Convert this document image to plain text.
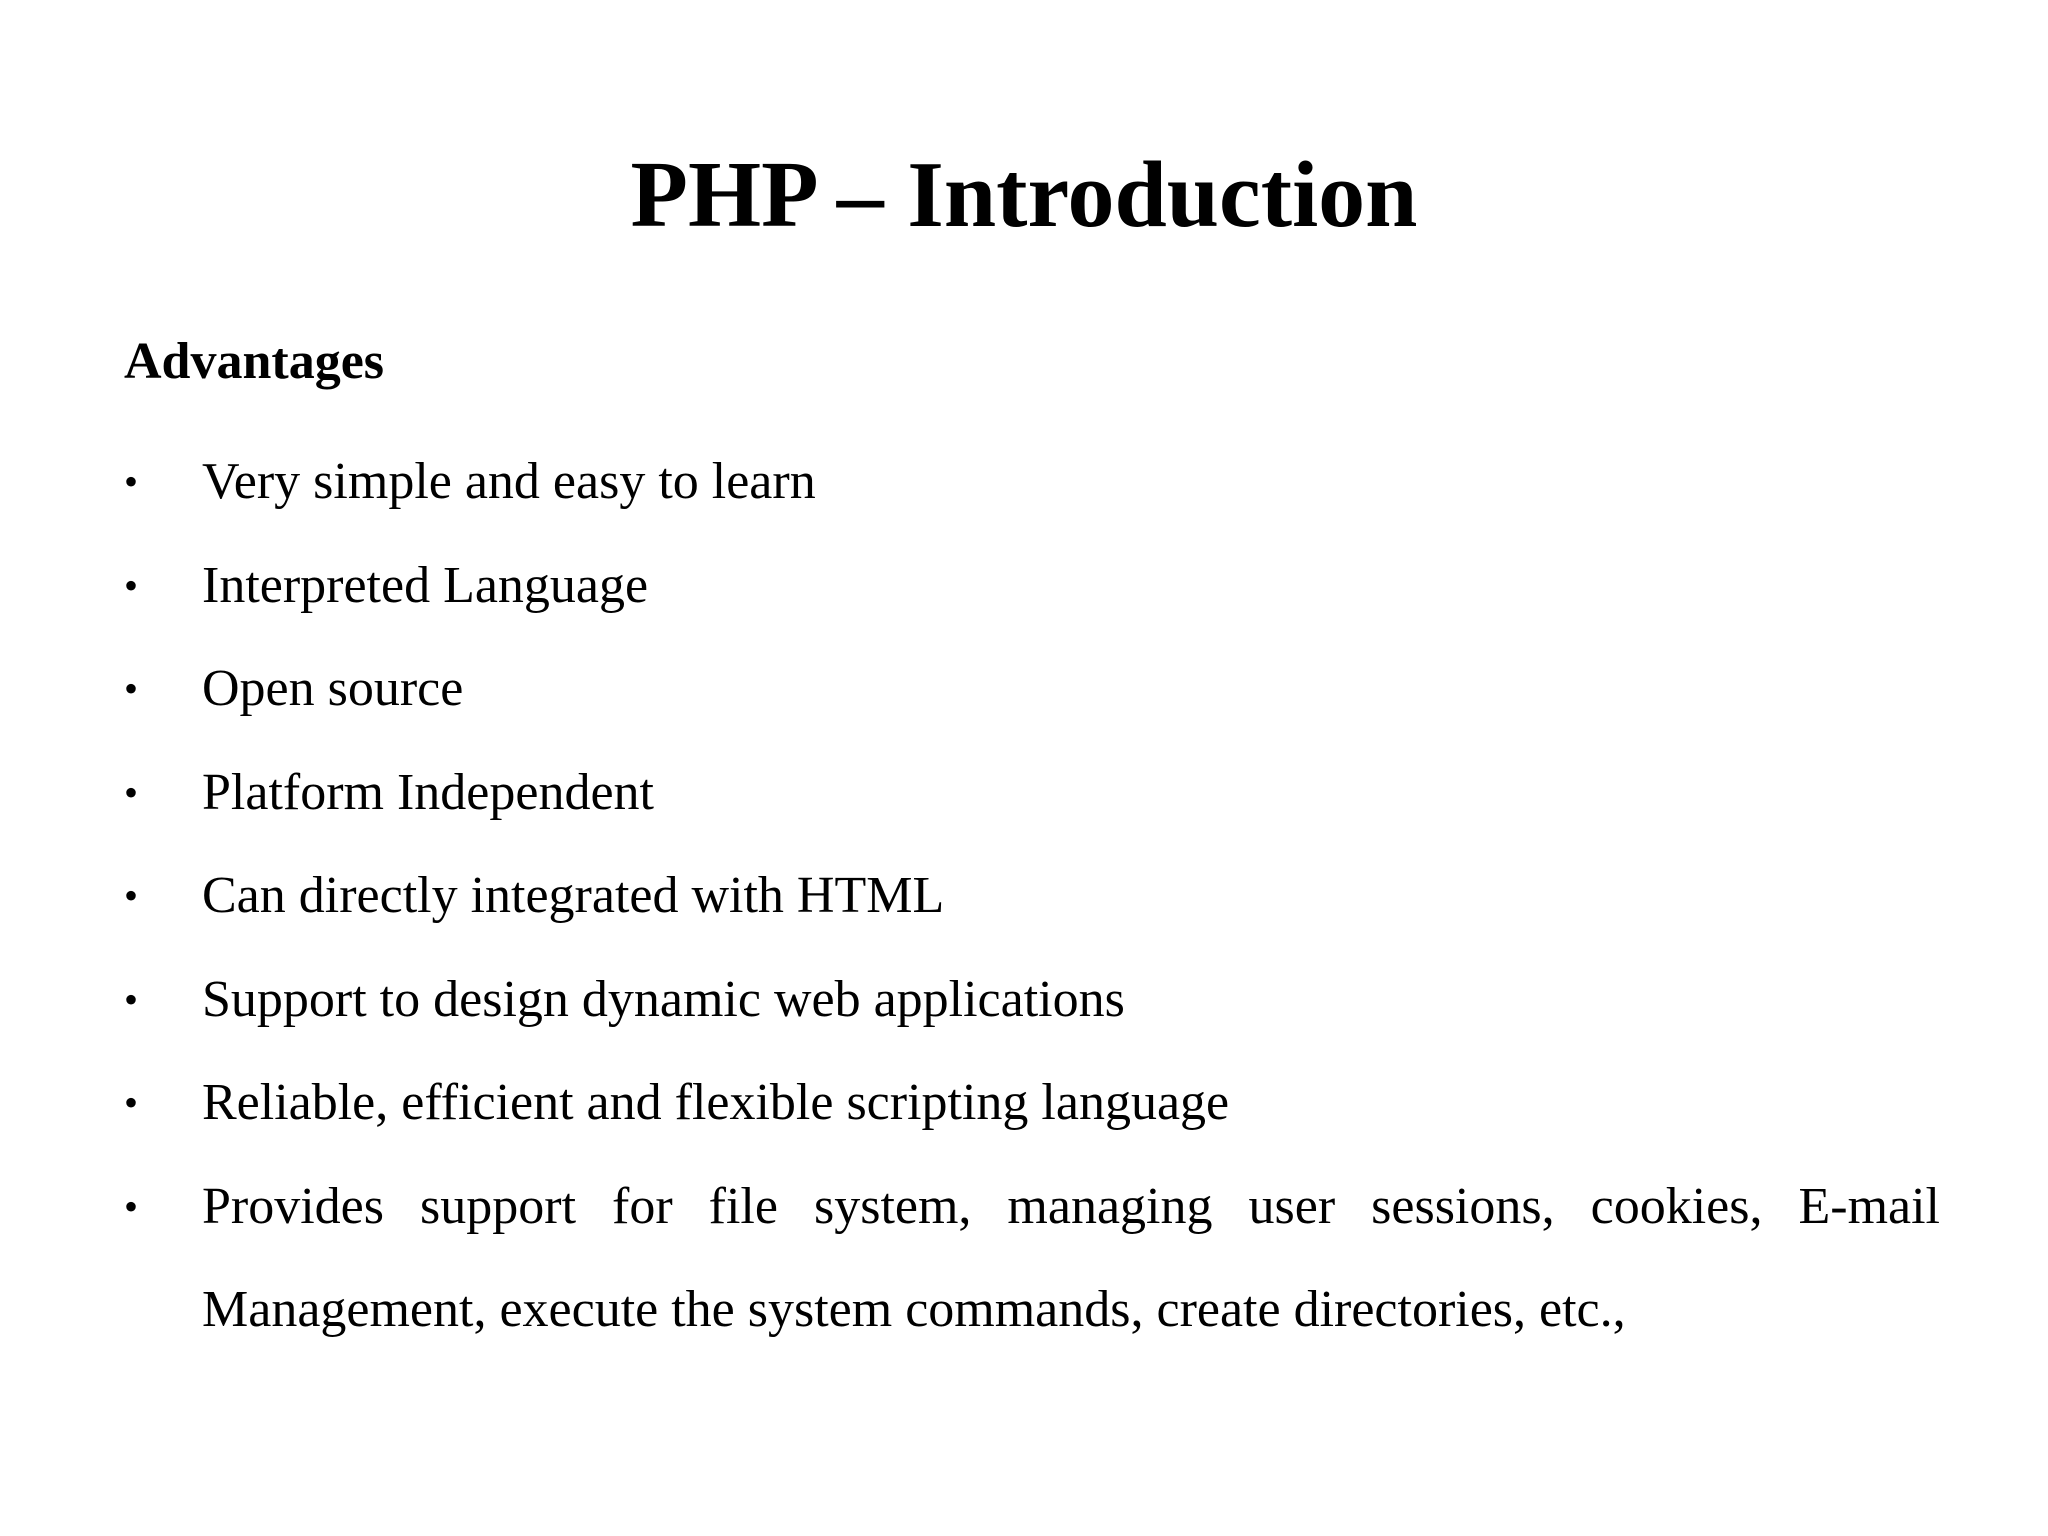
PHP – Introduction
Advantages
•	Very simple and easy to learn
•	Interpreted Language
•	Open source
•	Platform Independent
•	Can directly integrated with HTML
•	Support to design dynamic web applications
•	Reliable, efficient and flexible scripting language
•	Provides support for file system, managing user sessions, cookies, E-mail Management, execute the system commands, create directories, etc.,
